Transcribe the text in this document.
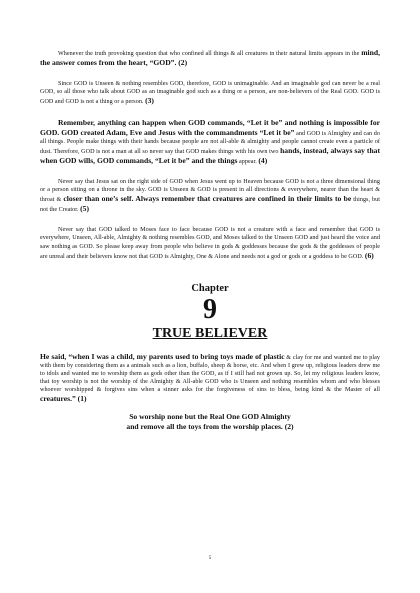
Whenever the truth provoking question that who confined all things & all creatures in their natural limits appears in the mind, the answer comes from the heart, “GOD”. (2)

Since GOD is Unseen & nothing resembles GOD, therefore, GOD is unimaginable. And an imaginable god can never be a real GOD, so all those who talk about GOD as an imaginable god such as a thing or a person, are non-believers of the Real GOD. GOD is GOD and GOD is not a thing or a person. (3)

Remember, anything can happen when GOD commands, “Let it be” and nothing is impossible for GOD. GOD created Adam, Eve and Jesus with the commandments “Let it be” and GOD is Almighty and can do all things. People make things with their hands because people are not all-able & almighty and people cannot create even a particle of dust. Therefore, GOD is not a man at all so never say that GOD makes things with his own two hands, instead, always say that when GOD wills, GOD commands, “Let it be” and the things appear. (4)

Never say that Jesus sat on the right side of GOD when Jesus went up to Heaven because GOD is not a three dimensional thing or a person sitting on a throne in the sky. GOD is Unseen & GOD is present in all directions & everywhere, nearer than the heart & throat & closer than one’s self. Always remember that creatures are confined in their limits to be things, but not the Creator. (5)

Never say that GOD talked to Moses face to face because GOD is not a creature with a face and remember that GOD is everywhere, Unseen, All-able, Almighty & nothing resembles GOD, and Moses talked to the Unseen GOD and just heard the voice and saw nothing as GOD. So please keep away from people who believe in gods & goddesses because the gods & the goddesses of people are unreal and their believers know not that GOD is Almighty, One & Alone and needs not a god or gods or a goddess to be GOD. (6)

Chapter
9
TRUE BELIEVER

He said, “when I was a child, my parents used to bring toys made of plastic & clay for me and wanted me to play with them by considering them as a animals such as a lion, buffalo, sheep & horse, etc. And when I grew up, religious leaders drew me to idols and wanted me to worship them as gods other than the GOD, as if I still had not grown up. So, let my religious leaders know, that toy worship is not the worship of the Almighty & All-able GOD who is Unseen and nothing resembles whom and who blesses whoever worshipped & forgives sins when a sinner asks for the forgiveness of sins to bless, being kind & the Master of all creatures.” (1)

So worship none but the Real One GOD Almighty
and remove all the toys from the worship places. (2)
5
